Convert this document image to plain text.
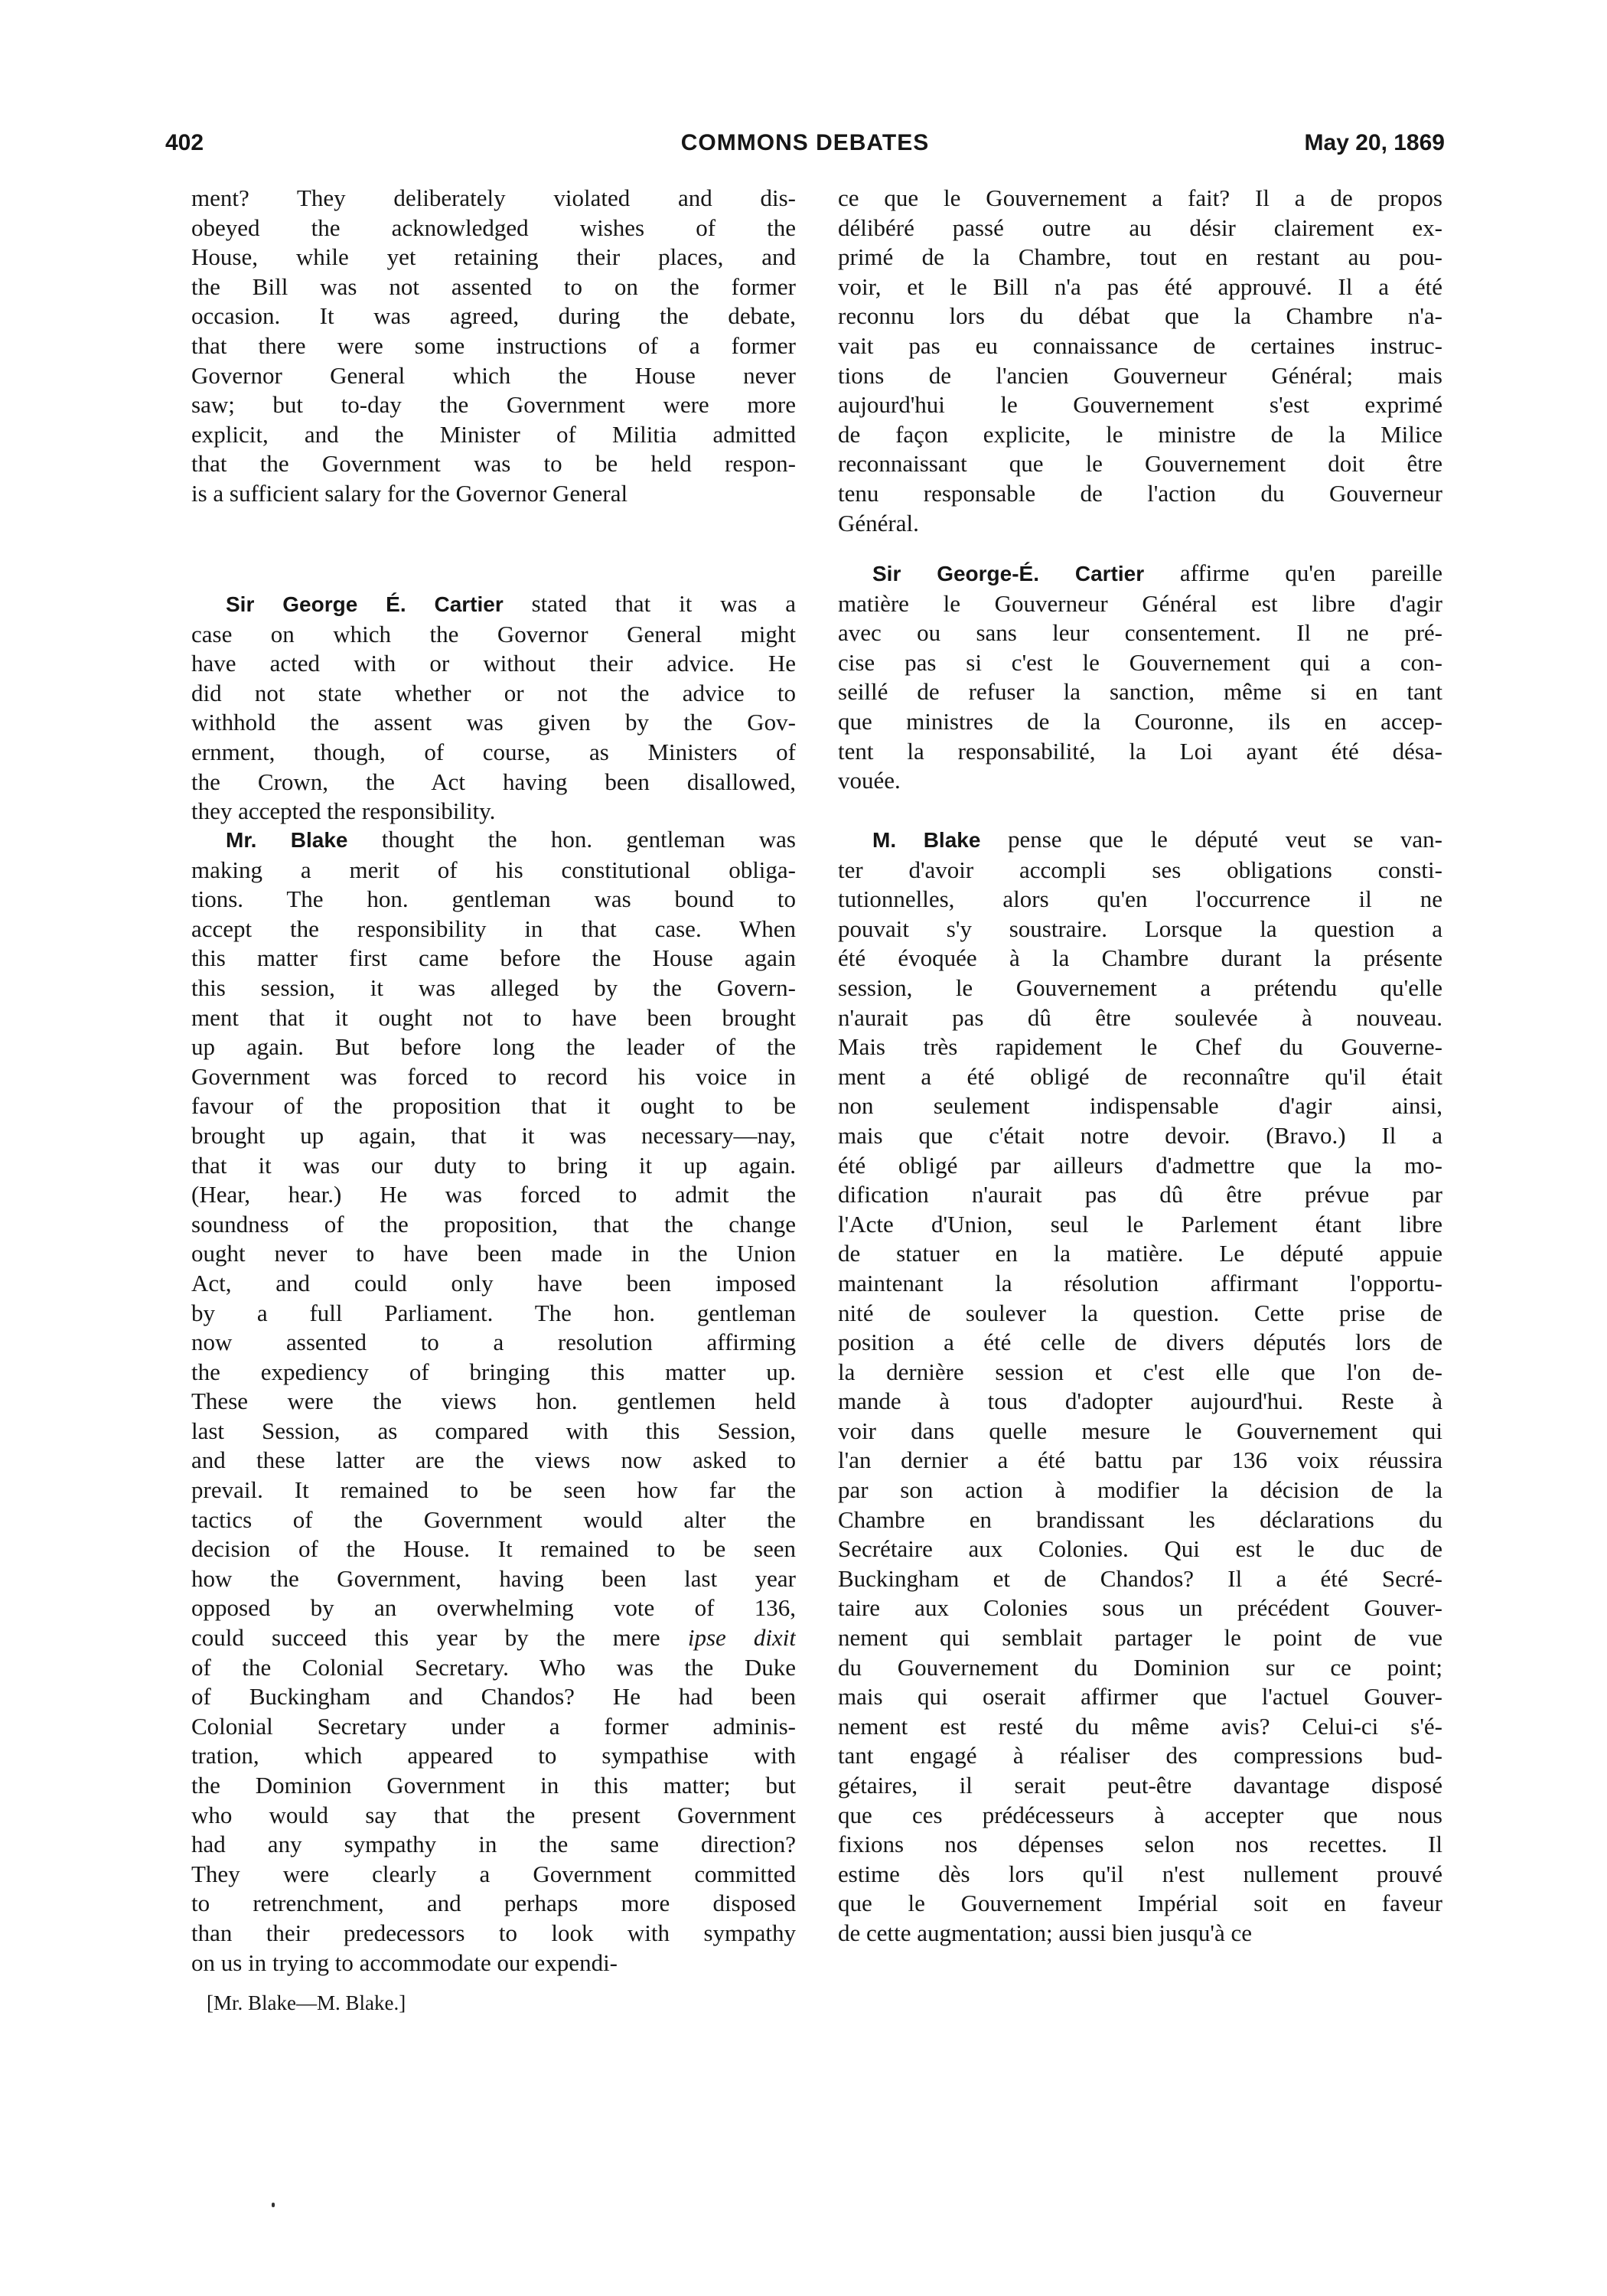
402	COMMONS DEBATES	May 20, 1869
ment? They deliberately violated and dis-
obeyed the acknowledged wishes of the
House, while yet retaining their places, and
the Bill was not assented to on the former
occasion. It was agreed, during the debate,
that there were some instructions of a former
Governor General which the House never
saw; but to-day the Government were more
explicit, and the Minister of Militia admitted
that the Government was to be held respon-
is a sufficient salary for the Governor General
Sir George É. Cartier stated that it was a
case on which the Governor General might
have acted with or without their advice. He
did not state whether or not the advice to
withhold the assent was given by the Gov-
ernment, though, of course, as Ministers of
the Crown, the Act having been disallowed,
they accepted the responsibility.
Mr. Blake thought the hon. gentleman was
making a merit of his constitutional obliga-
tions. The hon. gentleman was bound to
accept the responsibility in that case. When
this matter first came before the House again
this session, it was alleged by the Govern-
ment that it ought not to have been brought
up again. But before long the leader of the
Government was forced to record his voice in
favour of the proposition that it ought to be
brought up again, that it was necessary—nay,
that it was our duty to bring it up again.
(Hear, hear.) He was forced to admit the
soundness of the proposition, that the change
ought never to have been made in the Union
Act, and could only have been imposed
by a full Parliament. The hon. gentleman
now assented to a resolution affirming
the expediency of bringing this matter up.
These were the views hon. gentlemen held
last Session, as compared with this Session,
and these latter are the views now asked to
prevail. It remained to be seen how far the
tactics of the Government would alter the
decision of the House. It remained to be seen
how the Government, having been last year
opposed by an overwhelming vote of 136,
could succeed this year by the mere ipse dixit
of the Colonial Secretary. Who was the Duke
of Buckingham and Chandos? He had been
Colonial Secretary under a former adminis-
tration, which appeared to sympathise with
the Dominion Government in this matter; but
who would say that the present Government
had any sympathy in the same direction?
They were clearly a Government committed
to retrenchment, and perhaps more disposed
than their predecessors to look with sympathy
on us in trying to accommodate our expendi-
ce que le Gouvernement a fait? Il a de propos
délibéré passé outre au désir clairement ex-
primé de la Chambre, tout en restant au pou-
voir, et le Bill n'a pas été approuvé. Il a été
reconnu lors du débat que la Chambre n'a-
vait pas eu connaissance de certaines instruc-
tions de l'ancien Gouverneur Général; mais
aujourd'hui le Gouvernement s'est exprimé
de façon explicite, le ministre de la Milice
reconnaissant que le Gouvernement doit être
tenu responsable de l'action du Gouverneur
Général.
Sir George-É. Cartier affirme qu'en pareille
matière le Gouverneur Général est libre d'agir
avec ou sans leur consentement. Il ne pré-
cise pas si c'est le Gouvernement qui a con-
seillé de refuser la sanction, même si en tant
que ministres de la Couronne, ils en accep-
tent la responsabilité, la Loi ayant été désa-
vouée.
M. Blake pense que le député veut se van-
ter d'avoir accompli ses obligations consti-
tutionnelles, alors qu'en l'occurrence il ne
pouvait s'y soustraire. Lorsque la question a
été évoquée à la Chambre durant la présente
session, le Gouvernement a prétendu qu'elle
n'aurait pas dû être soulevée à nouveau.
Mais très rapidement le Chef du Gouverne-
ment a été obligé de reconnaître qu'il était
non seulement indispensable d'agir ainsi,
mais que c'était notre devoir. (Bravo.) Il a
été obligé par ailleurs d'admettre que la mo-
dification n'aurait pas dû être prévue par
l'Acte d'Union, seul le Parlement étant libre
de statuer en la matière. Le député appuie
maintenant la résolution affirmant l'opportu-
nité de soulever la question. Cette prise de
position a été celle de divers députés lors de
la dernière session et c'est elle que l'on de-
mande à tous d'adopter aujourd'hui. Reste à
voir dans quelle mesure le Gouvernement qui
l'an dernier a été battu par 136 voix réussira
par son action à modifier la décision de la
Chambre en brandissant les déclarations du
Secrétaire aux Colonies. Qui est le duc de
Buckingham et de Chandos? Il a été Secré-
taire aux Colonies sous un précédent Gouver-
nement qui semblait partager le point de vue
du Gouvernement du Dominion sur ce point;
mais qui oserait affirmer que l'actuel Gouver-
nement est resté du même avis? Celui-ci s'é-
tant engagé à réaliser des compressions bud-
gétaires, il serait peut-être davantage disposé
que ces prédécesseurs à accepter que nous
fixions nos dépenses selon nos recettes. Il
estime dès lors qu'il n'est nullement prouvé
que le Gouvernement Impérial soit en faveur
de cette augmentation; aussi bien jusqu'à ce
[Mr. Blake—M. Blake.]
